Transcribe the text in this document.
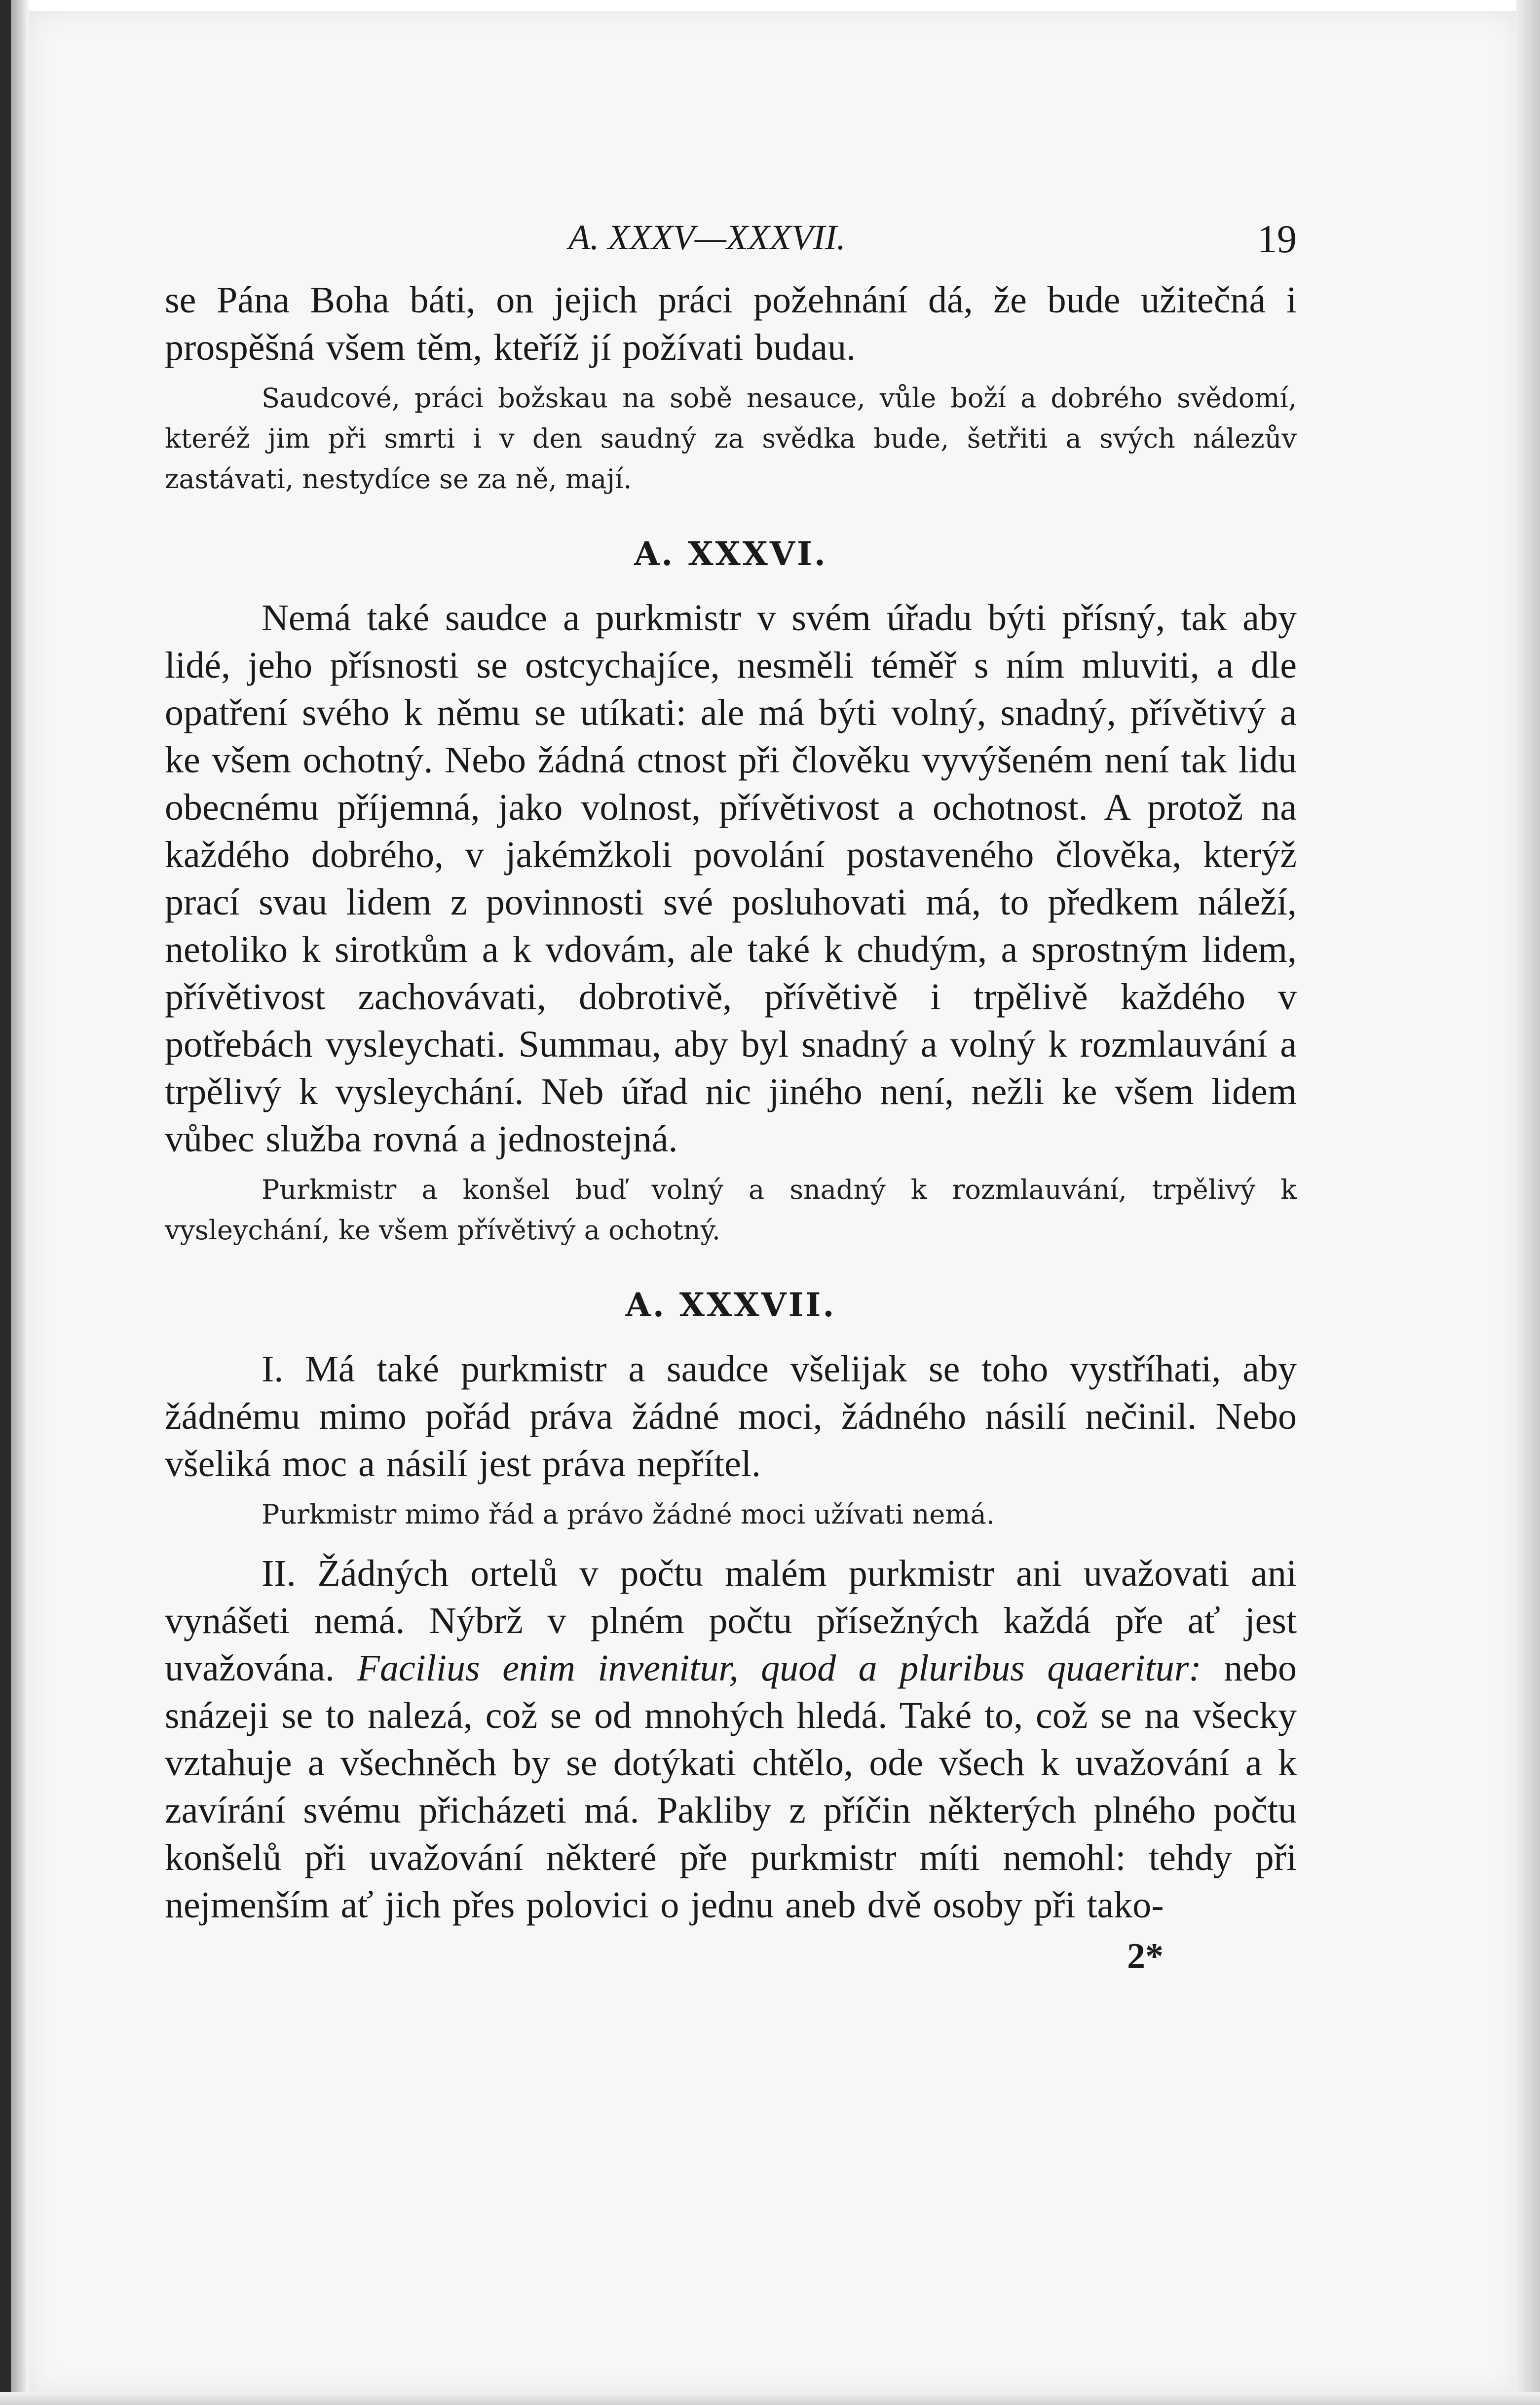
A. XXXV—XXXVII.	19

se Pána Boha báti, on jejich práci požehnání dá, že bude užitečná i prospěšná všem těm, kteříž jí požívati budau.

Saudcové, práci božskau na sobě nesauce, vůle boží a dobrého svědomí, kteréž jim při smrti i v den saudný za svědka bude, šetřiti a svých nálezův zastávati, nestydíce se za ně, mají.

A. XXXVI.

Nemá také saudce a purkmistr v svém úřadu býti přísný, tak aby lidé, jeho přísnosti se ostcychajíce, nesměli téměř s ním mluviti, a dle opatření svého k němu se utíkati: ale má býti volný, snadný, přívětivý a ke všem ochotný. Nebo žádná ctnost při člověku vyvýšeném není tak lidu obecnému příjemná, jako volnost, přívětivost a ochotnost. A protož na každého dobrého, v jakémžkoli povolání postaveného člověka, kterýž prací svau lidem z povinnosti své posluhovati má, to předkem náleží, netoliko k sirotkům a k vdovám, ale také k chudým, a sprostným lidem, přívětivost zachovávati, dobrotivě, přívětivě i trpělivě každého v potřebách vysleychati. Summau, aby byl snadný a volný k rozmlauvání a trpělivý k vysleychání. Neb úřad nic jiného není, nežli ke všem lidem vůbec služba rovná a jednostejná.

Purkmistr a konšel buď volný a snadný k rozmlauvání, trpělivý k vysleychání, ke všem přívětivý a ochotný.

A. XXXVII.

I. Má také purkmistr a saudce všelijak se toho vystříhati, aby žádnému mimo pořád práva žádné moci, žádného násilí nečinil. Nebo všeliká moc a násilí jest práva nepřítel.

Purkmistr mimo řád a právo žádné moci užívati nemá.

II. Žádných ortelů v počtu malém purkmistr ani uvažovati ani vynášeti nemá. Nýbrž v plném počtu přísežných každá pře ať jest uvažována. Facilius enim invenitur, quod a pluribus quaeritur: nebo snázeji se to nalezá, což se od mnohých hledá. Také to, což se na všecky vztahuje a všechněch by se dotýkati chtělo, ode všech k uvažování a k zavírání svému přicházeti má. Pakliby z příčin některých plného počtu konšelů při uvažování některé pře purkmistr míti nemohl: tehdy při nejmenším ať jich přes polovici o jednu aneb dvě osoby při tako-

2*
